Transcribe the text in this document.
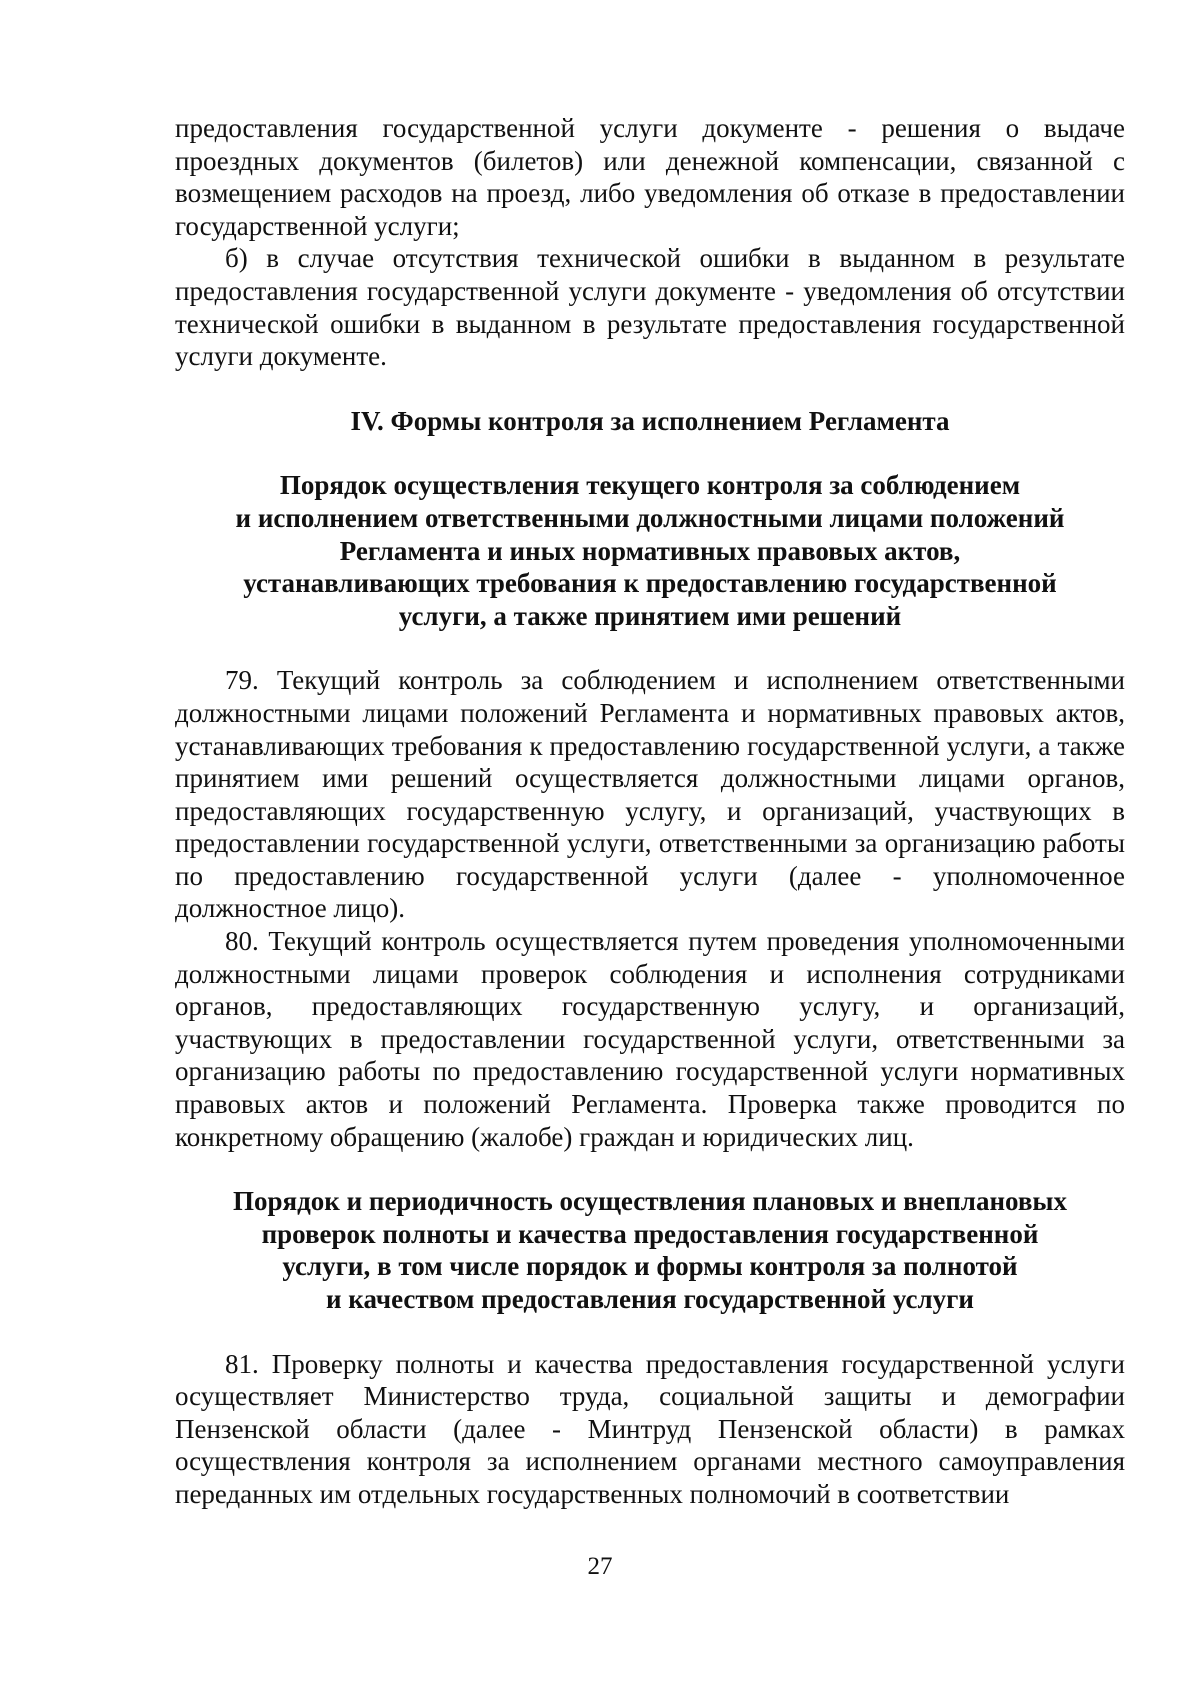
предоставления государственной услуги документе - решения о выдаче проездных документов (билетов) или денежной компенсации, связанной с возмещением расходов на проезд, либо уведомления об отказе в предоставлении государственной услуги;

б) в случае отсутствия технической ошибки в выданном в результате предоставления государственной услуги документе - уведомления об отсутствии технической ошибки в выданном в результате предоставления государственной услуги документе.

IV. Формы контроля за исполнением Регламента

Порядок осуществления текущего контроля за соблюдением
и исполнением ответственными должностными лицами положений
Регламента и иных нормативных правовых актов,
устанавливающих требования к предоставлению государственной
услуги, а также принятием ими решений

79. Текущий контроль за соблюдением и исполнением ответственными должностными лицами положений Регламента и нормативных правовых актов, устанавливающих требования к предоставлению государственной услуги, а также принятием ими решений осуществляется должностными лицами органов, предоставляющих государственную услугу, и организаций, участвующих в предоставлении государственной услуги, ответственными за организацию работы по предоставлению государственной услуги (далее - уполномоченное должностное лицо).

80. Текущий контроль осуществляется путем проведения уполномоченными должностными лицами проверок соблюдения и исполнения сотрудниками органов, предоставляющих государственную услугу, и организаций, участвующих в предоставлении государственной услуги, ответственными за организацию работы по предоставлению государственной услуги нормативных правовых актов и положений Регламента. Проверка также проводится по конкретному обращению (жалобе) граждан и юридических лиц.

Порядок и периодичность осуществления плановых и внеплановых
проверок полноты и качества предоставления государственной
услуги, в том числе порядок и формы контроля за полнотой
и качеством предоставления государственной услуги

81. Проверку полноты и качества предоставления государственной услуги осуществляет Министерство труда, социальной защиты и демографии Пензенской области (далее - Минтруд Пензенской области) в рамках осуществления контроля за исполнением органами местного самоуправления переданных им отдельных государственных полномочий в соответствии

27
